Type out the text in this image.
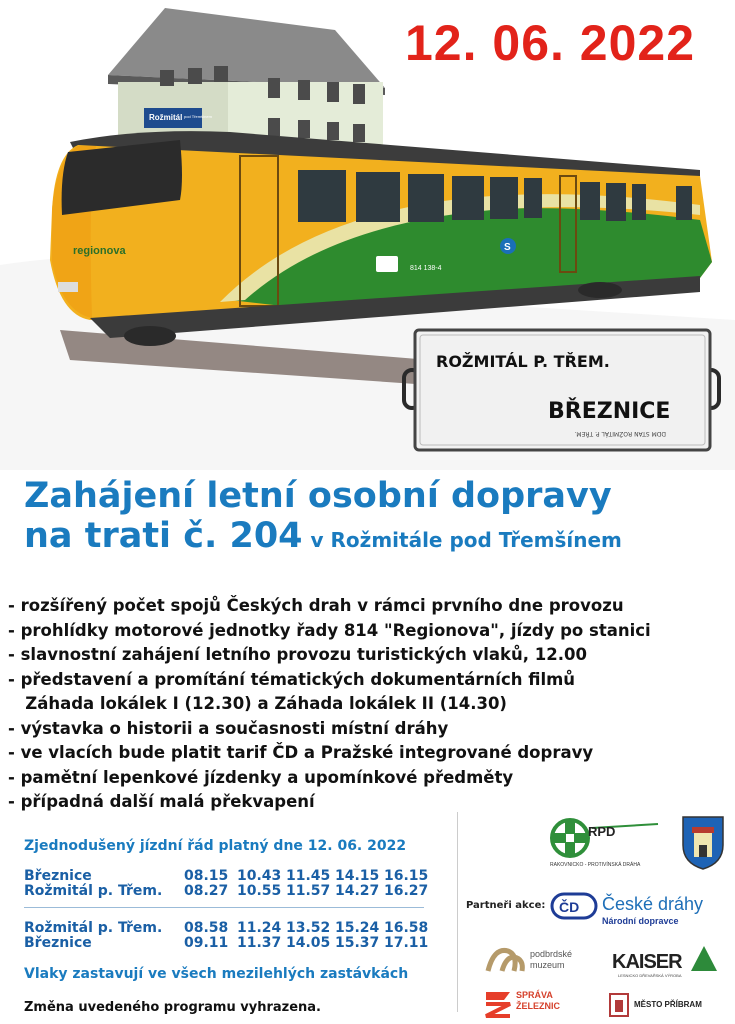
Rožmitál pod Třemšínem
regionova
814 138-4
S
ROŽMITÁL P. TŘEM.
BŘEZNICE
DDM STAN ROŽMITÁL P. TŘEM.
12. 06. 2022
Zahájení letní osobní dopravy
na trati č. 204 v Rožmitále pod Třemšínem
- rozšířený počet spojů Českých drah v rámci prvního dne provozu
- prohlídky motorové jednotky řady 814 "Regionova", jízdy po stanici
- slavnostní zahájení letního provozu turistických vlaků, 12.00
- představení a promítání tématických dokumentárních filmů
Záhada lokálek I (12.30) a Záhada lokálek II (14.30)
- výstavka o historii a současnosti místní dráhy
- ve vlacích bude platit tarif ČD a Pražské integrované dopravy
- pamětní lepenkové jízdenky a upomínkové předměty
- případná další malá překvapení
Zjednodušený jízdní řád platný dne 12. 06. 2022
Březnice	08.15 10.43 11.45 14.15 16.15
Rožmitál p. Třem. 08.27 10.55 11.57 14.27 16.27
Rožmitál p. Třem. 08.58 11.24 13.52 15.24 16.58
Březnice	09.11 11.37 14.05 15.37 17.11
Vlaky zastavují ve všech mezilehlých zastávkách
Změna uvedeného programu vyhrazena.
RPD
RAKOVNICKO - PROTIVÍNSKÁ DRÁHA
Partneři akce: ČD České dráhy
Národní dopravce
podbrdské
muzeum KAISER
LESNICKO DŘEVAŘSKÁ VÝROBA
SPRÁVA
ŽELEZNIC	MĚSTO PŘÍBRAM
